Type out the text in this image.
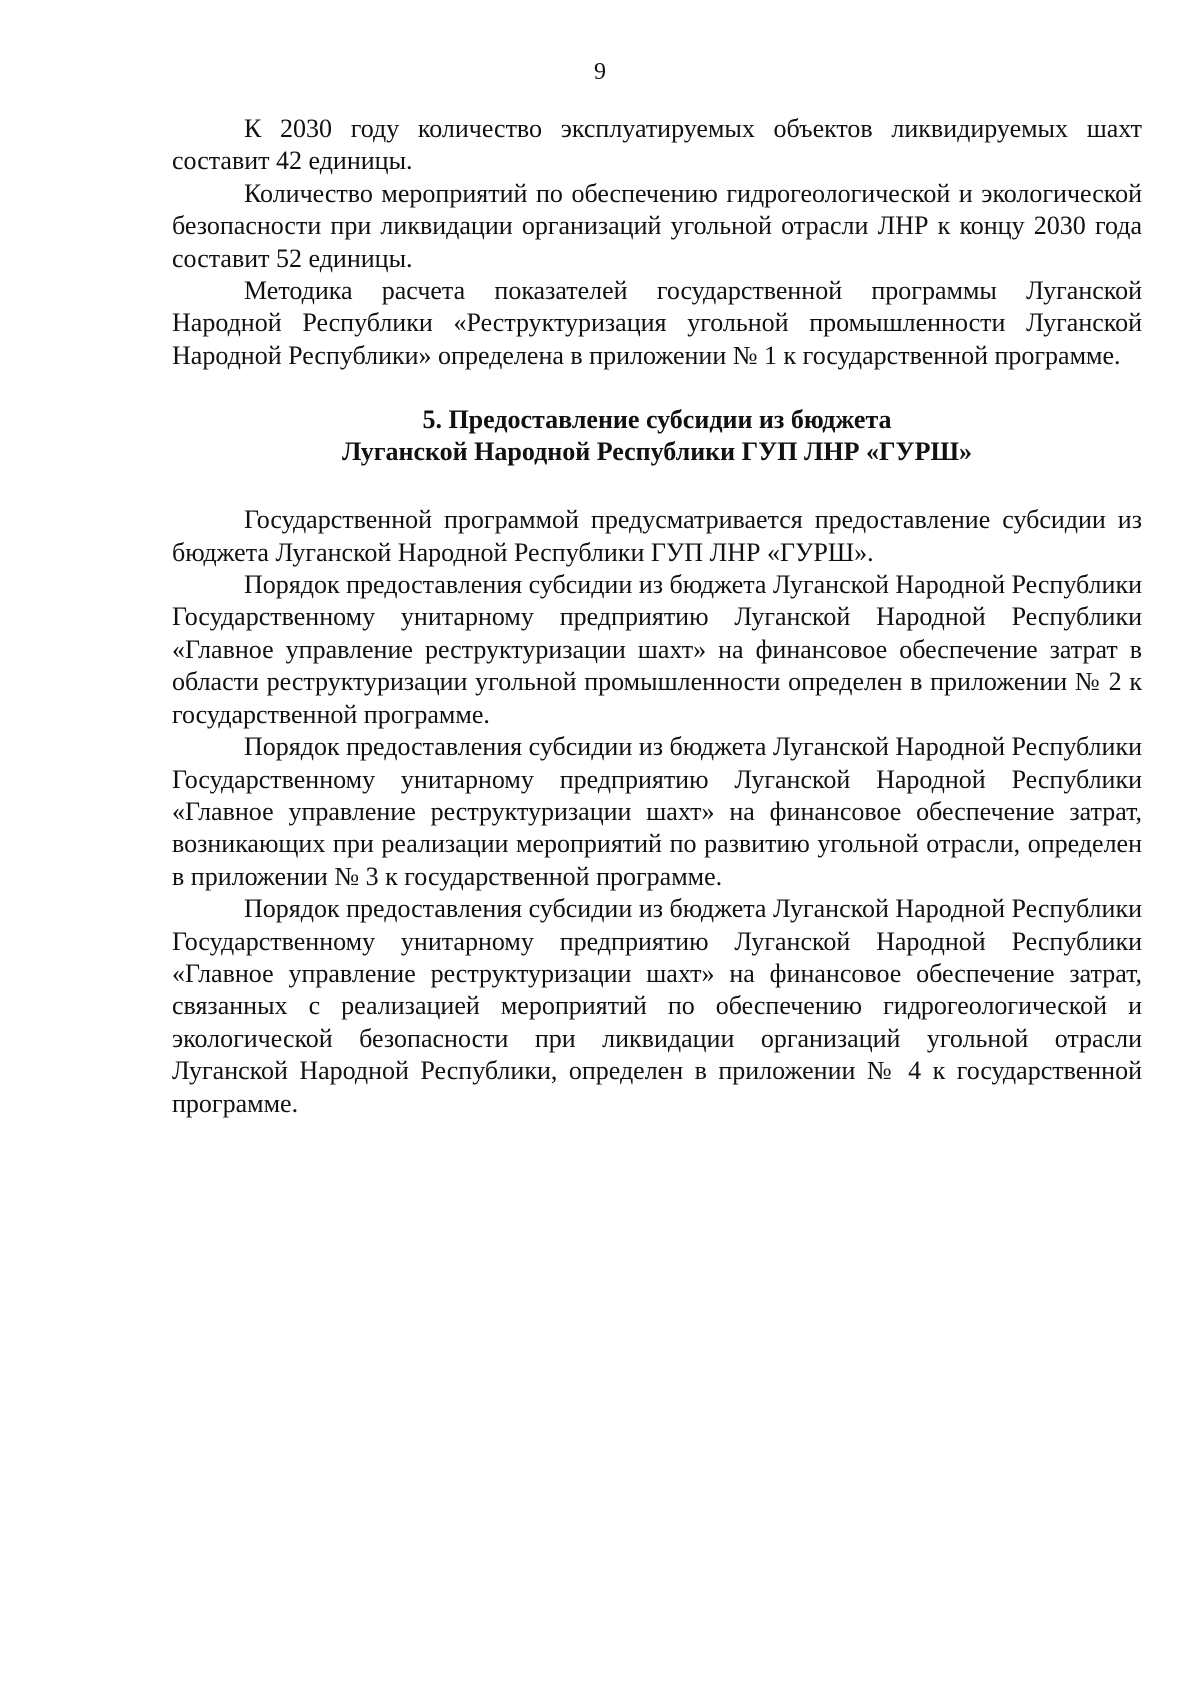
9

К 2030 году количество эксплуатируемых объектов ликвидируемых шахт составит 42 единицы.

Количество мероприятий по обеспечению гидрогеологической и экологической безопасности при ликвидации организаций угольной отрасли ЛНР к концу 2030 года составит 52 единицы.

Методика расчета показателей государственной программы Луганской Народной Республики «Реструктуризация угольной промышленности Луганской Народной Республики» определена в приложении № 1 к государственной программе.

5. Предоставление субсидии из бюджета
Луганской Народной Республики ГУП ЛНР «ГУРШ»

Государственной программой предусматривается предоставление субсидии из бюджета Луганской Народной Республики ГУП ЛНР «ГУРШ».

Порядок предоставления субсидии из бюджета Луганской Народной Республики Государственному унитарному предприятию Луганской Народной Республики «Главное управление реструктуризации шахт» на финансовое обеспечение затрат в области реструктуризации угольной промышленности определен в приложении № 2 к государственной программе.

Порядок предоставления субсидии из бюджета Луганской Народной Республики Государственному унитарному предприятию Луганской Народной Республики «Главное управление реструктуризации шахт» на финансовое обеспечение затрат, возникающих при реализации мероприятий по развитию угольной отрасли, определен в приложении № 3 к государственной программе.

Порядок предоставления субсидии из бюджета Луганской Народной Республики Государственному унитарному предприятию Луганской Народной Республики «Главное управление реструктуризации шахт» на финансовое обеспечение затрат, связанных с реализацией мероприятий по обеспечению гидрогеологической и экологической безопасности при ликвидации организаций угольной отрасли Луганской Народной Республики, определен в приложении № 4 к государственной программе.
